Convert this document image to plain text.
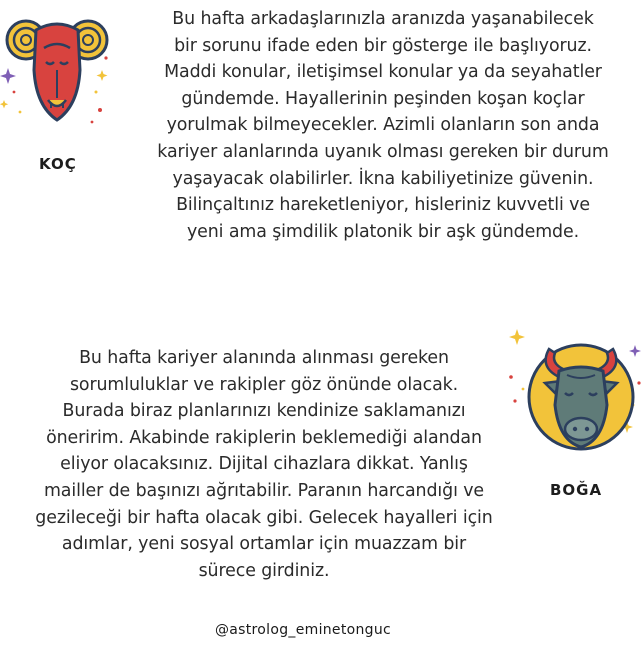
KOÇ
Bu hafta arkadaşlarınızla aranızda yaşanabilecek
bir sorunu ifade eden bir gösterge ile başlıyoruz.
Maddi konular, iletişimsel konular ya da seyahatler
gündemde. Hayallerinin peşinden koşan koçlar
yorulmak bilmeyecekler. Azimli olanların son anda
kariyer alanlarında uyanık olması gereken bir durum
yaşayacak olabilirler. İkna kabiliyetinize güvenin.
Bilinçaltınız hareketleniyor, hisleriniz kuvvetli ve
yeni ama şimdilik platonik bir aşk gündemde.
Bu hafta kariyer alanında alınması gereken
sorumluluklar ve rakipler göz önünde olacak.
Burada biraz planlarınızı kendinize saklamanızı
öneririm. Akabinde rakiplerin beklemediği alandan
eliyor olacaksınız. Dijital cihazlara dikkat. Yanlış
mailler de başınızı ağrıtabilir. Paranın harcandığı ve
gezileceği bir hafta olacak gibi. Gelecek hayalleri için
adımlar, yeni sosyal ortamlar için muazzam bir
sürece girdiniz.
BOĞA
@astrolog_eminetonguc
